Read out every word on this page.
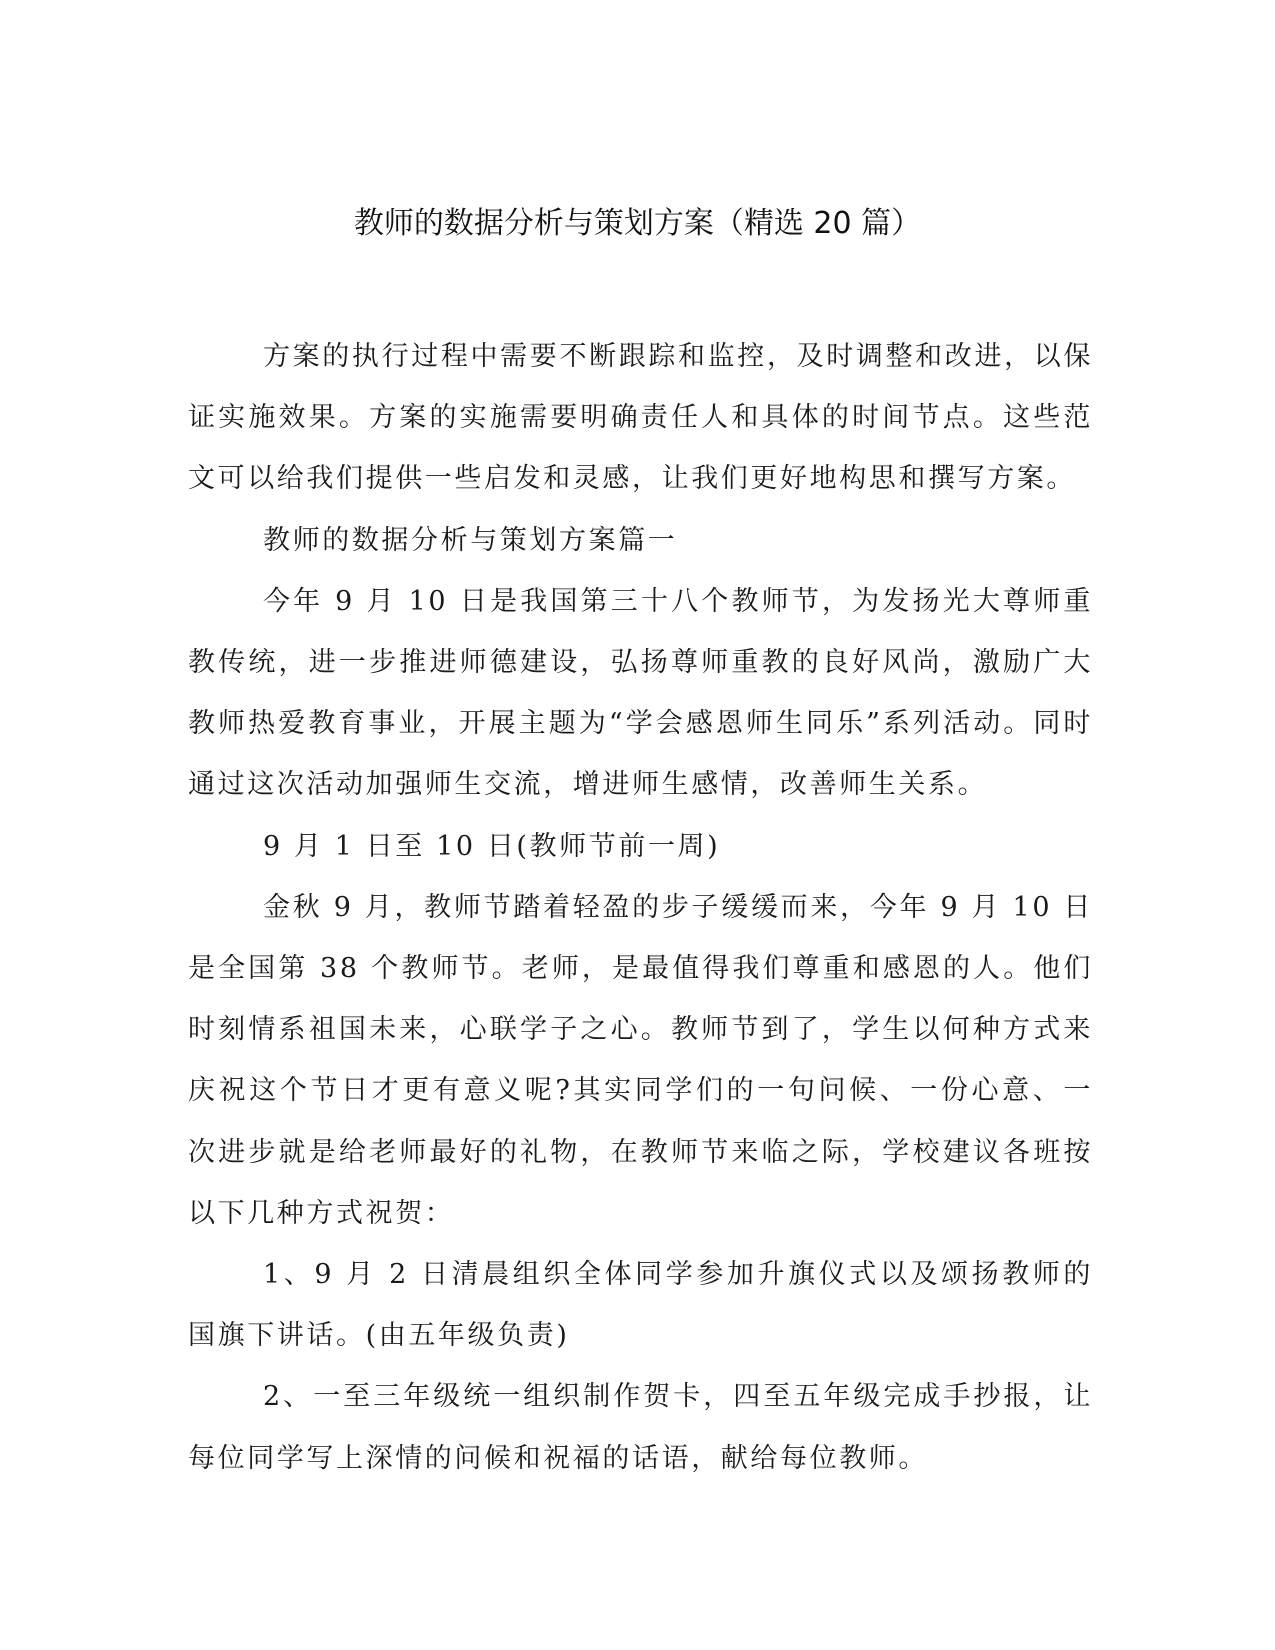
教师的数据分析与策划方案（精选 20 篇）

方案的执行过程中需要不断跟踪和监控，及时调整和改进，以保证实施效果。方案的实施需要明确责任人和具体的时间节点。这些范文可以给我们提供一些启发和灵感，让我们更好地构思和撰写方案。

教师的数据分析与策划方案篇一

今年 9 月 10 日是我国第三十八个教师节，为发扬光大尊师重教传统，进一步推进师德建设，弘扬尊师重教的良好风尚，激励广大教师热爱教育事业，开展主题为“学会感恩师生同乐”系列活动。同时通过这次活动加强师生交流，增进师生感情，改善师生关系。

9 月 1 日至 10 日(教师节前一周)

金秋 9 月，教师节踏着轻盈的步子缓缓而来，今年 9 月 10 日是全国第 38 个教师节。老师，是最值得我们尊重和感恩的人。他们时刻情系祖国未来，心联学子之心。教师节到了，学生以何种方式来庆祝这个节日才更有意义呢?其实同学们的一句问候、一份心意、一次进步就是给老师最好的礼物，在教师节来临之际，学校建议各班按以下几种方式祝贺：

1、9 月 2 日清晨组织全体同学参加升旗仪式以及颂扬教师的国旗下讲话。(由五年级负责)

2、一至三年级统一组织制作贺卡，四至五年级完成手抄报，让每位同学写上深情的问候和祝福的话语，献给每位教师。
